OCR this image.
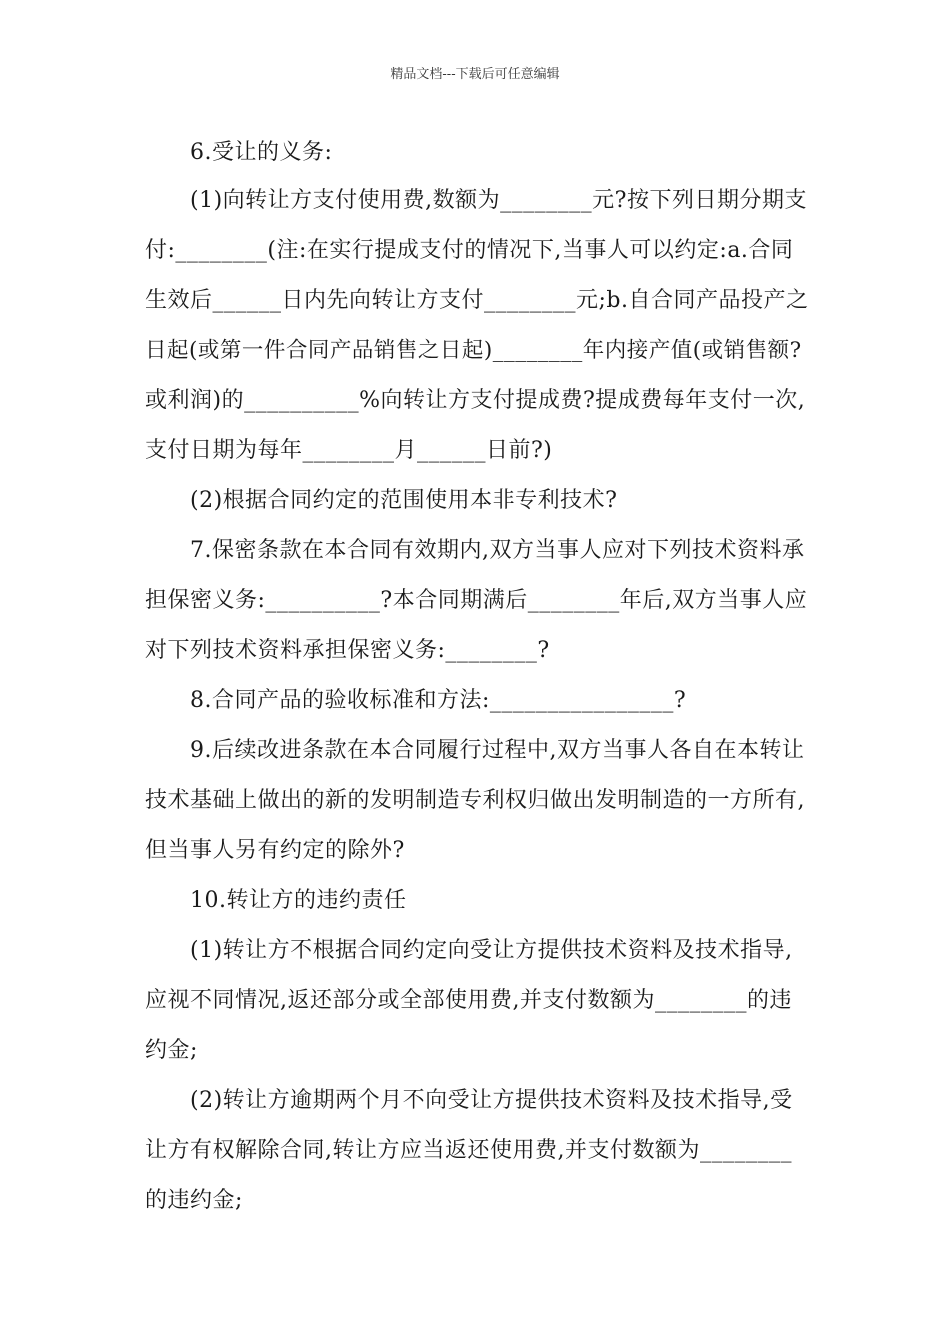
精品文档---下载后可任意编辑
6.受让的义务:
(1)向转让方支付使用费,数额为________元?按下列日期分期支
付:________(注:在实行提成支付的情况下,当事人可以约定:a.合同
生效后______日内先向转让方支付________元;b.自合同产品投产之
日起(或第一件合同产品销售之日起)________年内接产值(或销售额?
或利润)的__________%向转让方支付提成费?提成费每年支付一次,
支付日期为每年________月______日前?)
(2)根据合同约定的范围使用本非专利技术?
7.保密条款在本合同有效期内,双方当事人应对下列技术资料承
担保密义务:__________?本合同期满后________年后,双方当事人应
对下列技术资料承担保密义务:________?
8.合同产品的验收标准和方法:________________?
9.后续改进条款在本合同履行过程中,双方当事人各自在本转让
技术基础上做出的新的发明制造专利权归做出发明制造的一方所有,
但当事人另有约定的除外?
10.转让方的违约责任
(1)转让方不根据合同约定向受让方提供技术资料及技术指导,
应视不同情况,返还部分或全部使用费,并支付数额为________的违
约金;
(2)转让方逾期两个月不向受让方提供技术资料及技术指导,受
让方有权解除合同,转让方应当返还使用费,并支付数额为________
的违约金;
